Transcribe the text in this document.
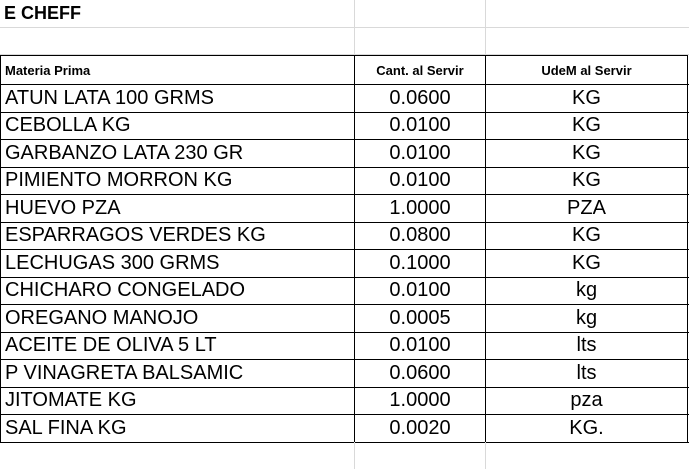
E CHEFF
Materia Prima	Cant. al Servir	UdeM al Servir
ATUN LATA 100 GRMS	0.0600	KG
CEBOLLA KG	0.0100	KG
GARBANZO LATA 230 GR	0.0100	KG
PIMIENTO MORRON KG	0.0100	KG
HUEVO PZA	1.0000	PZA
ESPARRAGOS VERDES KG	0.0800	KG
LECHUGAS 300 GRMS	0.1000	KG
CHICHARO CONGELADO	0.0100	kg
OREGANO MANOJO	0.0005	kg
ACEITE DE OLIVA 5 LT	0.0100	lts
P VINAGRETA BALSAMIC	0.0600	lts
JITOMATE KG	1.0000	pza
SAL FINA KG	0.0020	KG.
